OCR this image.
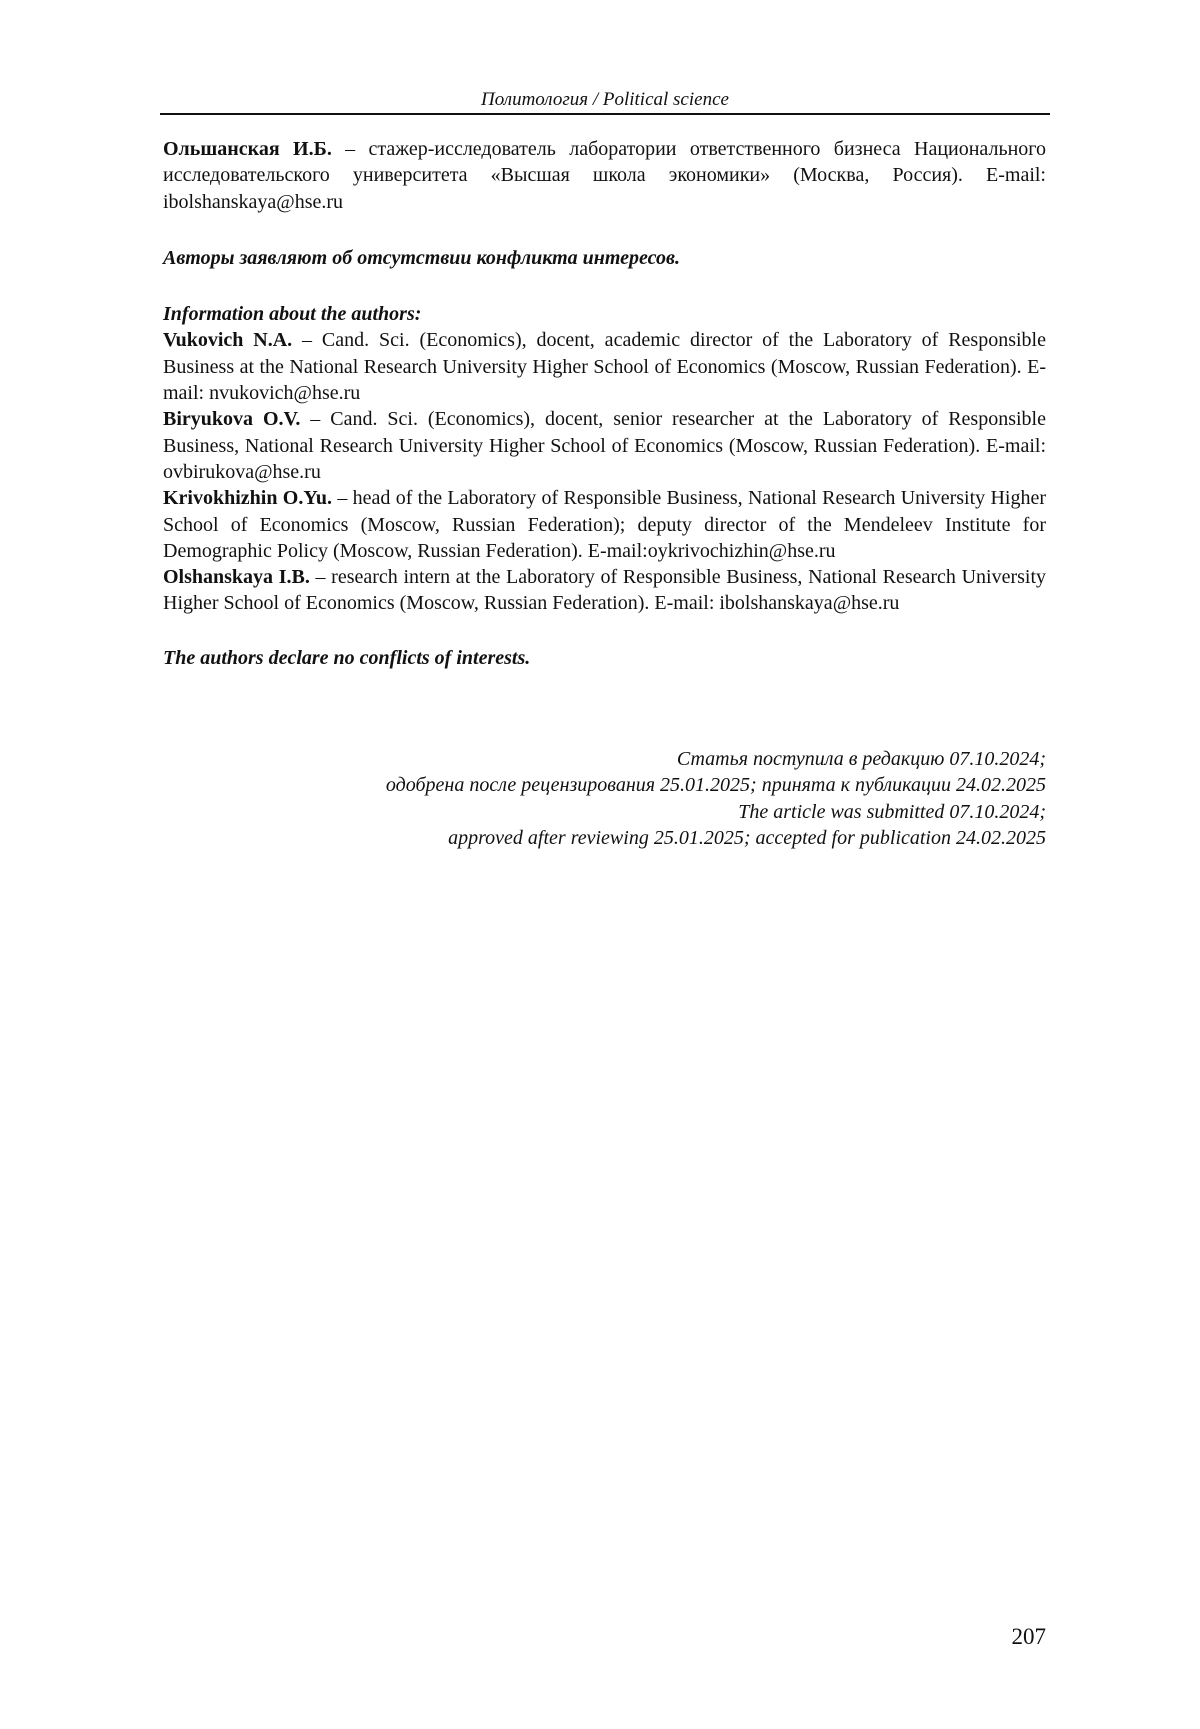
Политология / Political science

Ольшанская И.Б. – стажер-исследователь лаборатории ответственного бизнеса Национального исследовательского университета «Высшая школа экономики» (Москва, Россия). E-mail: ibolshanskaya@hse.ru

Авторы заявляют об отсутствии конфликта интересов.

Information about the authors:

Vukovich N.A. – Cand. Sci. (Economics), docent, academic director of the Laboratory of Responsible Business at the National Research University Higher School of Economics (Moscow, Russian Federation). E-mail: nvukovich@hse.ru

Biryukova O.V. – Cand. Sci. (Economics), docent, senior researcher at the Laboratory of Responsible Business, National Research University Higher School of Economics (Moscow, Russian Federation). E-mail: ovbirukova@hse.ru

Krivokhizhin O.Yu. – head of the Laboratory of Responsible Business, National Research University Higher School of Economics (Moscow, Russian Federation); deputy director of the Mendeleev Institute for Demographic Policy (Moscow, Russian Federation). E-mail:oykrivochizhin@hse.ru

Olshanskaya I.B. – research intern at the Laboratory of Responsible Business, National Research University Higher School of Economics (Moscow, Russian Federation). E-mail: ibolshanskaya@hse.ru

The authors declare no conflicts of interests.

Статья поступила в редакцию 07.10.2024;
одобрена после рецензирования 25.01.2025; принята к публикации 24.02.2025
The article was submitted 07.10.2024;
approved after reviewing 25.01.2025; accepted for publication 24.02.2025
207
